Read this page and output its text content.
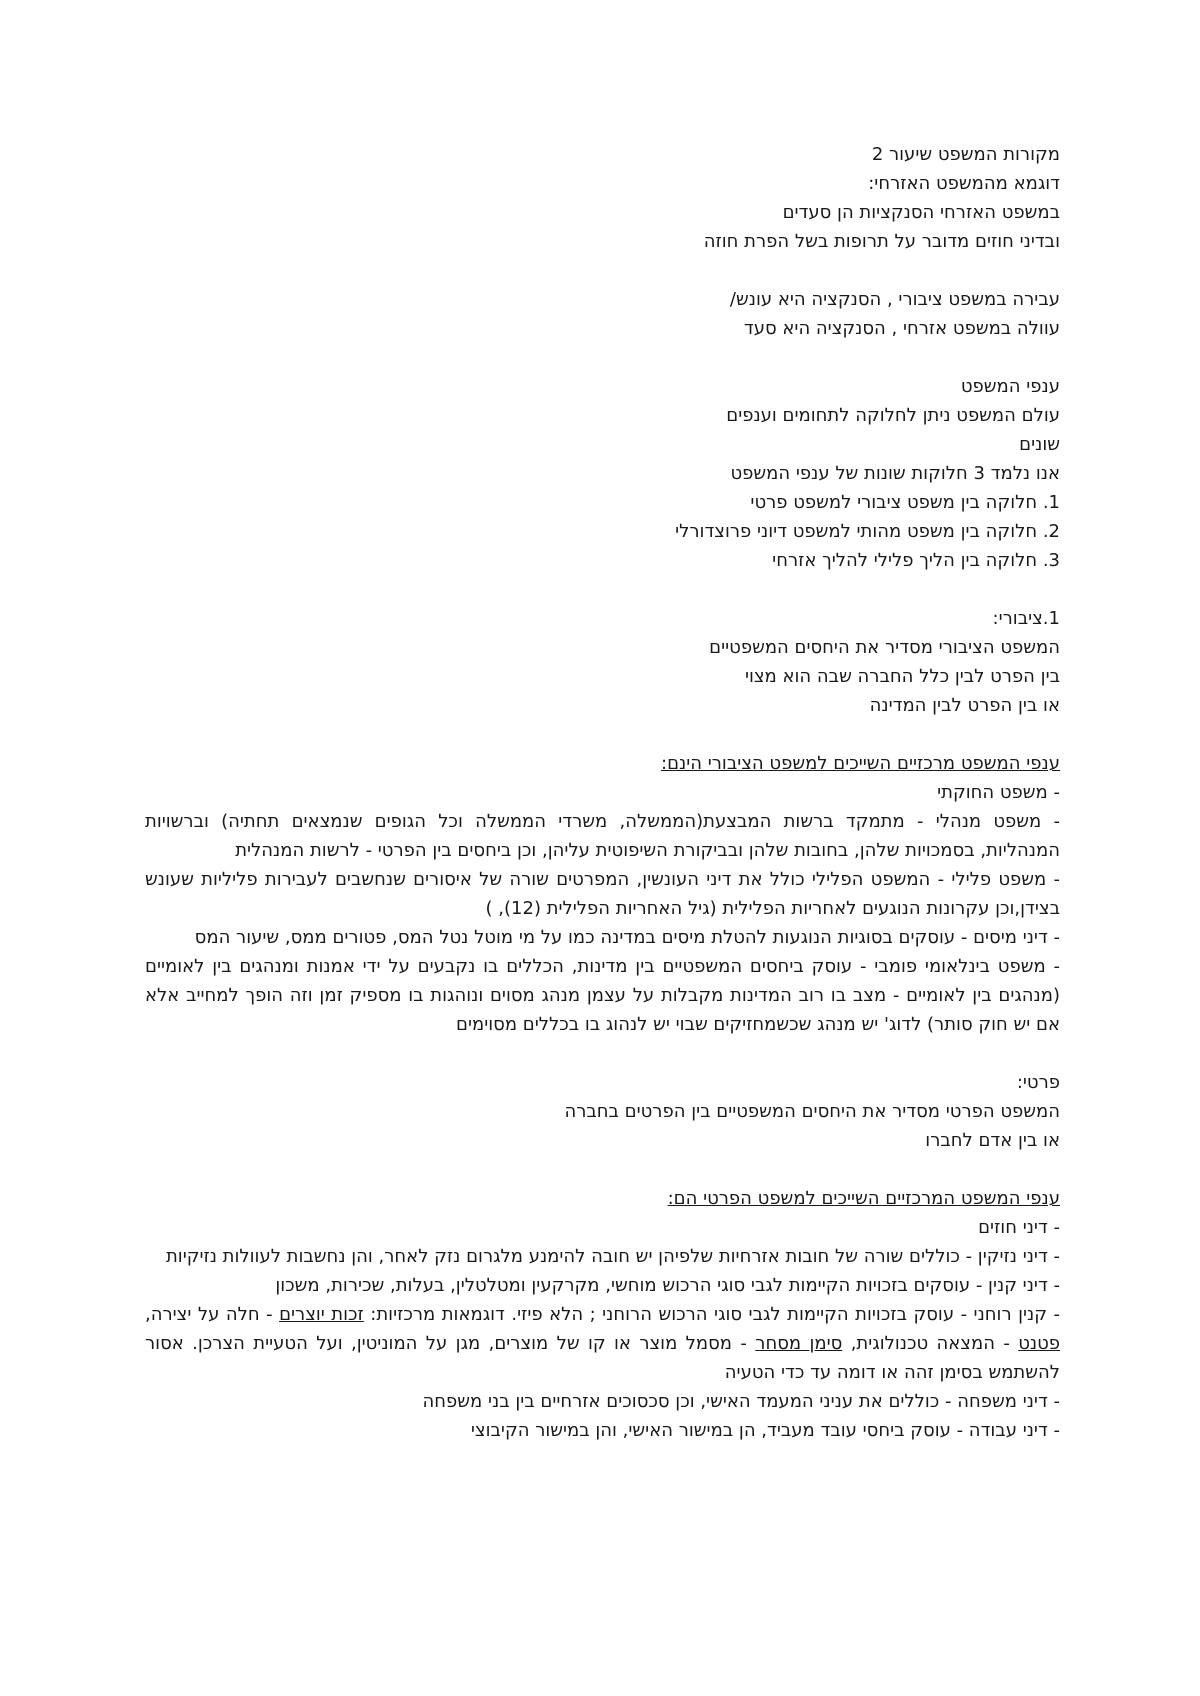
מקורות המשפט שיעור 2
דוגמא מהמשפט האזרחי:
במשפט האזרחי הסנקציות הן סעדים
ובדיני חוזים מדובר על תרופות בשל הפרת חוזה
עבירה במשפט ציבורי , הסנקציה היא עונש/
עוולה במשפט אזרחי , הסנקציה היא סעד
ענפי המשפט
עולם המשפט ניתן לחלוקה לתחומים וענפים
שונים
אנו נלמד 3 חלוקות שונות של ענפי המשפט
1. חלוקה בין משפט ציבורי למשפט פרטי
2. חלוקה בין משפט מהותי למשפט דיוני פרוצדורלי
3. חלוקה בין הליך פלילי להליך אזרחי
1.ציבורי:
המשפט הציבורי מסדיר את היחסים המשפטיים
בין הפרט לבין כלל החברה שבה הוא מצוי
או בין הפרט לבין המדינה
ענפי המשפט מרכזיים השייכים למשפט הציבורי הינם:
- משפט החוקתי
- משפט מנהלי - מתמקד ברשות המבצעת(הממשלה, משרדי הממשלה וכל הגופים שנמצאים תחתיה) וברשויות המנהליות, בסמכויות שלהן, בחובות שלהן ובביקורת השיפוטית עליהן, וכן ביחסים בין הפרטי - לרשות המנהלית
- משפט פלילי - המשפט הפלילי כולל את דיני העונשין, המפרטים שורה של איסורים שנחשבים לעבירות פליליות שעונש בצידן,וכן עקרונות הנוגעים לאחריות הפלילית (גיל האחריות הפלילית (12), )
- דיני מיסים - עוסקים בסוגיות הנוגעות להטלת מיסים במדינה כמו על מי מוטל נטל המס, פטורים ממס, שיעור המס
- משפט בינלאומי פומבי - עוסק ביחסים המשפטיים בין מדינות, הכללים בו נקבעים על ידי אמנות ומנהגים בין לאומיים (מנהגים בין לאומיים - מצב בו רוב המדינות מקבלות על עצמן מנהג מסוים ונוהגות בו מספיק זמן וזה הופך למחייב אלא אם יש חוק סותר) לדוג' יש מנהג שכשמחזיקים שבוי יש לנהוג בו בכללים מסוימים
פרטי:
המשפט הפרטי מסדיר את היחסים המשפטיים בין הפרטים בחברה
או בין אדם לחברו
ענפי המשפט המרכזיים השייכים למשפט הפרטי הם:
- דיני חוזים
- דיני נזיקין - כוללים שורה של חובות אזרחיות שלפיהן יש חובה להימנע מלגרום נזק לאחר, והן נחשבות לעוולות נזיקיות
- דיני קנין - עוסקים בזכויות הקיימות לגבי סוגי הרכוש מוחשי, מקרקעין ומטלטלין, בעלות, שכירות, משכון
- קנין רוחני - עוסק בזכויות הקיימות לגבי סוגי הרכוש הרוחני ; הלא פיזי. דוגמאות מרכזיות: זכות יוצרים - חלה על יצירה, פטנט - המצאה טכנולוגית, סימן מסחר - מסמל מוצר או קו של מוצרים, מגן על המוניטין, ועל הטעיית הצרכן. אסור להשתמש בסימן זהה או דומה עד כדי הטעיה
- דיני משפחה - כוללים את עניני המעמד האישי, וכן סכסוכים אזרחיים בין בני משפחה
- דיני עבודה - עוסק ביחסי עובד מעביד, הן במישור האישי, והן במישור הקיבוצי
